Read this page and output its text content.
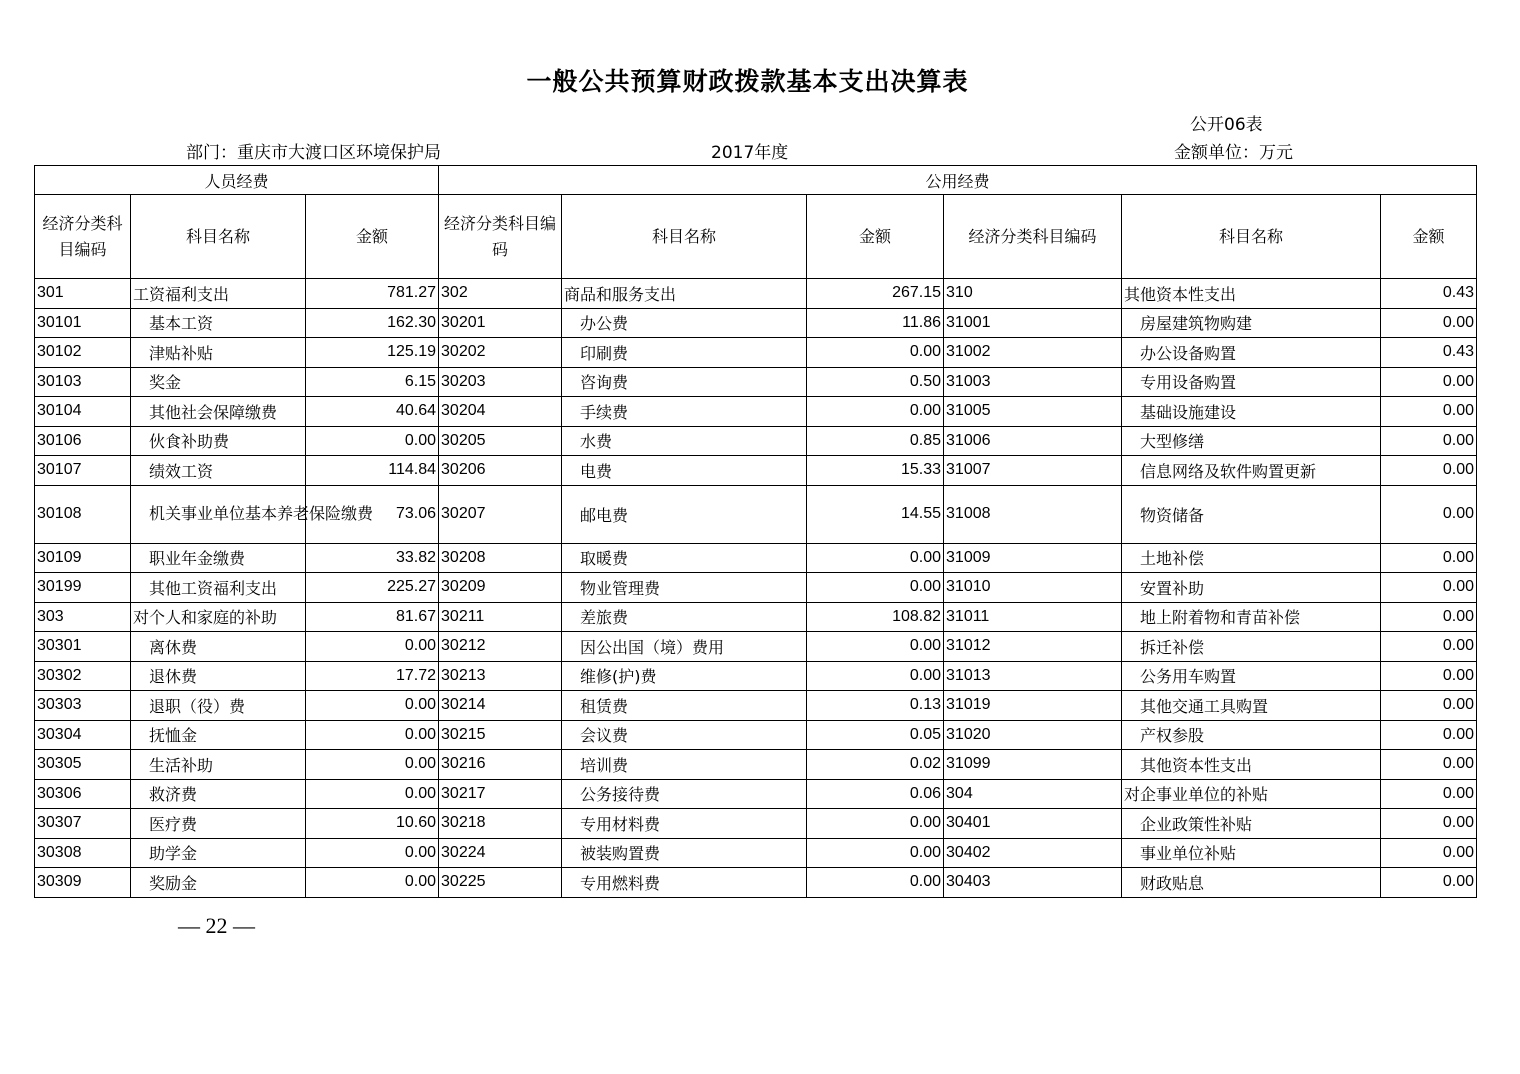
一般公共预算财政拨款基本支出决算表
公开06表
部门：重庆市大渡口区环境保护局	2017年度	金额单位：万元
人员经费			公用经费					
经济分类科目编码	科目名称	金额	经济分类科目编码	科目名称	金额	经济分类科目编码	科目名称	金额
301	工资福利支出	781.27	302	商品和服务支出	267.15	310	其他资本性支出	0.43
30101	基本工资	162.30	30201	办公费	11.86	31001	房屋建筑物购建	0.00
30102	津贴补贴	125.19	30202	印刷费	0.00	31002	办公设备购置	0.43
30103	奖金	6.15	30203	咨询费	0.50	31003	专用设备购置	0.00
30104	其他社会保障缴费	40.64	30204	手续费	0.00	31005	基础设施建设	0.00
30106	伙食补助费	0.00	30205	水费	0.85	31006	大型修缮	0.00
30107	绩效工资	114.84	30206	电费	15.33	31007	信息网络及软件购置更新	0.00
30108	机关事业单位基本养老保险缴费	73.06	30207	邮电费	14.55	31008	物资储备	0.00
30109	职业年金缴费	33.82	30208	取暖费	0.00	31009	土地补偿	0.00
30199	其他工资福利支出	225.27	30209	物业管理费	0.00	31010	安置补助	0.00
303	对个人和家庭的补助	81.67	30211	差旅费	108.82	31011	地上附着物和青苗补偿	0.00
30301	离休费	0.00	30212	因公出国（境）费用	0.00	31012	拆迁补偿	0.00
30302	退休费	17.72	30213	维修(护)费	0.00	31013	公务用车购置	0.00
30303	退职（役）费	0.00	30214	租赁费	0.13	31019	其他交通工具购置	0.00
30304	抚恤金	0.00	30215	会议费	0.05	31020	产权参股	0.00
30305	生活补助	0.00	30216	培训费	0.02	31099	其他资本性支出	0.00
30306	救济费	0.00	30217	公务接待费	0.06	304	对企事业单位的补贴	0.00
30307	医疗费	10.60	30218	专用材料费	0.00	30401	企业政策性补贴	0.00
30308	助学金	0.00	30224	被装购置费	0.00	30402	事业单位补贴	0.00
30309	奖励金	0.00	30225	专用燃料费	0.00	30403	财政贴息	0.00
— 22 —
